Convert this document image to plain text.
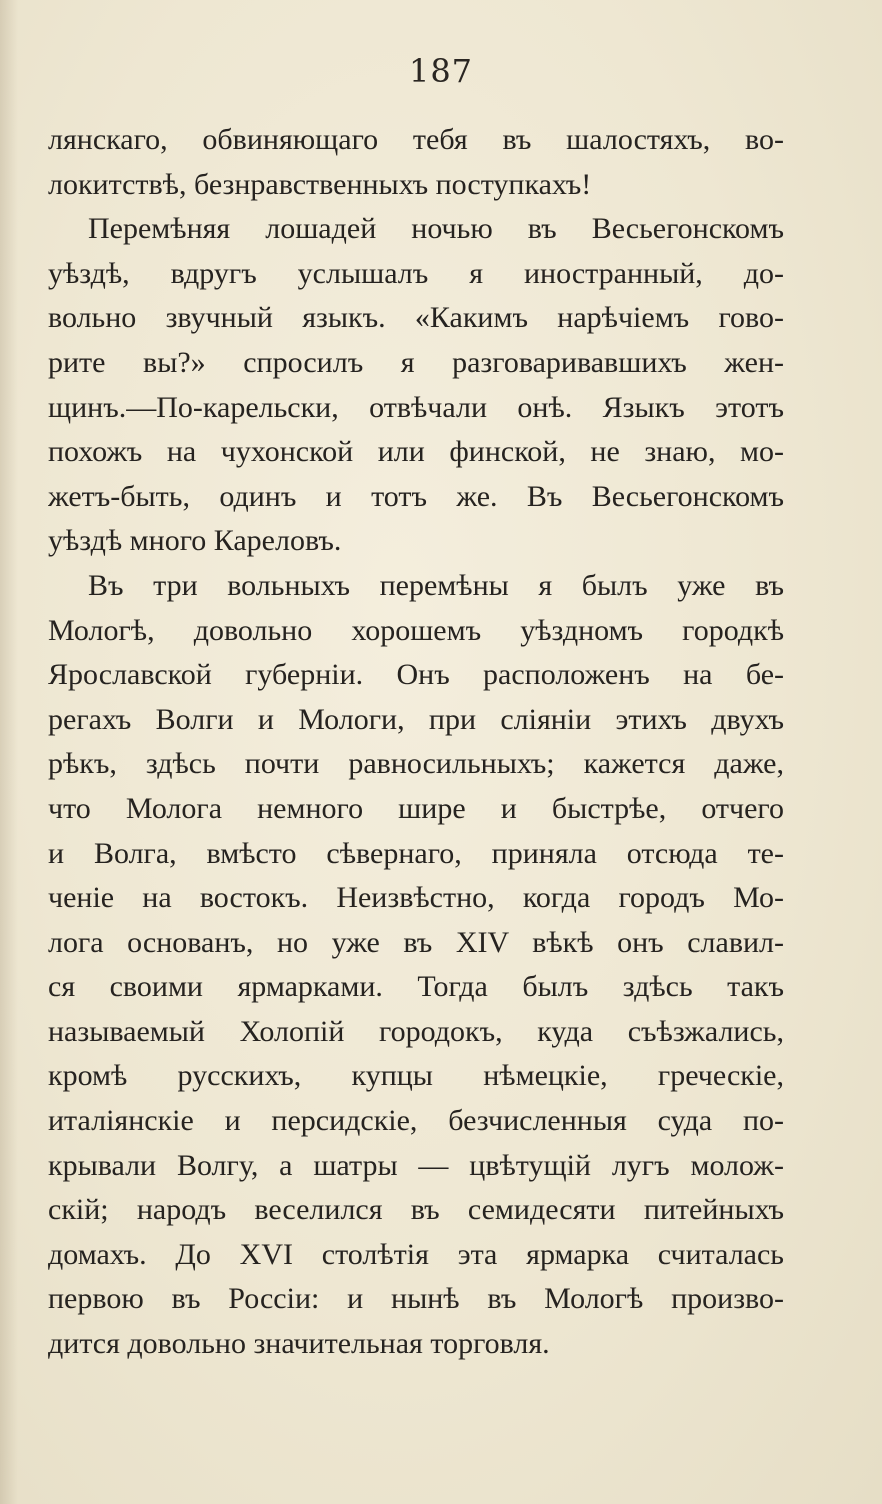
187
лянскаго, обвиняющаго тебя въ шалостяхъ, во-
локитствѣ, безнравственныхъ поступкахъ!
Перемѣняя лошадей ночью въ Весьегонскомъ
уѣздѣ, вдругъ услышалъ я иностранный, до-
вольно звучный языкъ. «Какимъ нарѣчіемъ гово-
рите вы?» спросилъ я разговаривавшихъ жен-
щинъ.—По-карельски, отвѣчали онѣ. Языкъ этотъ
похожъ на чухонской или финской, не знаю, мо-
жетъ-быть, одинъ и тотъ же. Въ Весьегонскомъ
уѣздѣ много Кареловъ.
Въ три вольныхъ перемѣны я былъ уже въ
Мологѣ, довольно хорошемъ уѣздномъ городкѣ
Ярославской губерніи. Онъ расположенъ на бе-
регахъ Волги и Мологи, при сліяніи этихъ двухъ
рѣкъ, здѣсь почти равносильныхъ; кажется даже,
что Молога немного шире и быстрѣе, отчего
и Волга, вмѣсто сѣвернаго, приняла отсюда те-
ченіе на востокъ. Неизвѣстно, когда городъ Мо-
лога основанъ, но уже въ XIV вѣкѣ онъ славил-
ся своими ярмарками. Тогда былъ здѣсь такъ
называемый Холопій городокъ, куда съѣзжались,
кромѣ русскихъ, купцы нѣмецкіе, греческіе,
италіянскіе и персидскіе, безчисленныя суда по-
крывали Волгу, а шатры — цвѣтущій лугъ молож-
скій; народъ веселился въ семидесяти питейныхъ
домахъ. До XVI столѣтія эта ярмарка считалась
первою въ Россіи: и нынѣ въ Мологѣ произво-
дится довольно значительная торговля.
